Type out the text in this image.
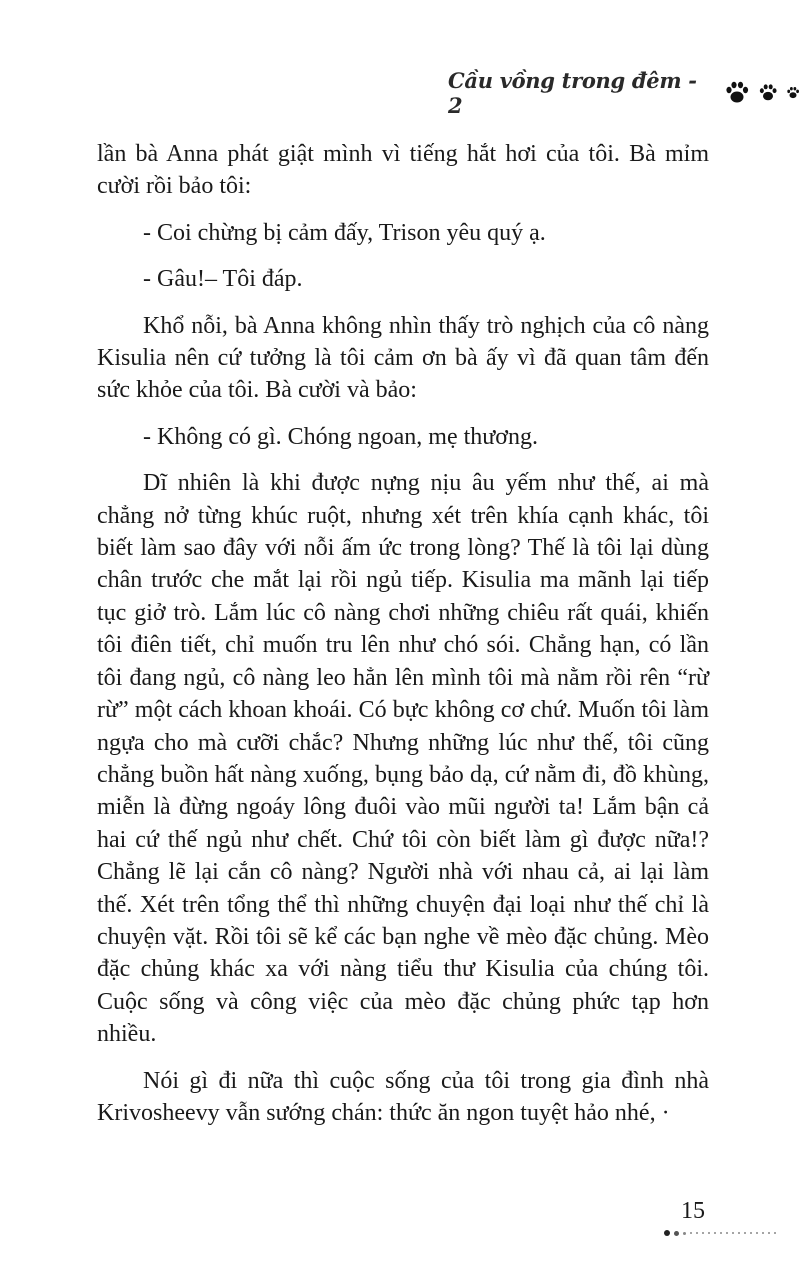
Cầu vồng trong đêm - 2

lần bà Anna phát giật mình vì tiếng hắt hơi của tôi. Bà mỉm cười rồi bảo tôi:

- Coi chừng bị cảm đấy, Trison yêu quý ạ.

- Gâu!– Tôi đáp.

Khổ nỗi, bà Anna không nhìn thấy trò nghịch của cô nàng Kisulia nên cứ tưởng là tôi cảm ơn bà ấy vì đã quan tâm đến sức khỏe của tôi. Bà cười và bảo:

- Không có gì. Chóng ngoan, mẹ thương.

Dĩ nhiên là khi được nựng nịu âu yếm như thế, ai mà chẳng nở từng khúc ruột, nhưng xét trên khía cạnh khác, tôi biết làm sao đây với nỗi ấm ức trong lòng? Thế là tôi lại dùng chân trước che mắt lại rồi ngủ tiếp. Kisulia ma mãnh lại tiếp tục giở trò. Lắm lúc cô nàng chơi những chiêu rất quái, khiến tôi điên tiết, chỉ muốn tru lên như chó sói. Chẳng hạn, có lần tôi đang ngủ, cô nàng leo hẳn lên mình tôi mà nằm rồi rên “rừ rừ” một cách khoan khoái. Có bực không cơ chứ. Muốn tôi làm ngựa cho mà cưỡi chắc? Nhưng những lúc như thế, tôi cũng chẳng buồn hất nàng xuống, bụng bảo dạ, cứ nằm đi, đồ khùng, miễn là đừng ngoáy lông đuôi vào mũi người ta! Lắm bận cả hai cứ thế ngủ như chết. Chứ tôi còn biết làm gì được nữa!? Chẳng lẽ lại cắn cô nàng? Người nhà với nhau cả, ai lại làm thế. Xét trên tổng thể thì những chuyện đại loại như thế chỉ là chuyện vặt. Rồi tôi sẽ kể các bạn nghe về mèo đặc chủng. Mèo đặc chủng khác xa với nàng tiểu thư Kisulia của chúng tôi. Cuộc sống và công việc của mèo đặc chủng phức tạp hơn nhiều.

Nói gì đi nữa thì cuộc sống của tôi trong gia đình nhà Krivosheevy vẫn sướng chán: thức ăn ngon tuyệt hảo nhé, ·

15
